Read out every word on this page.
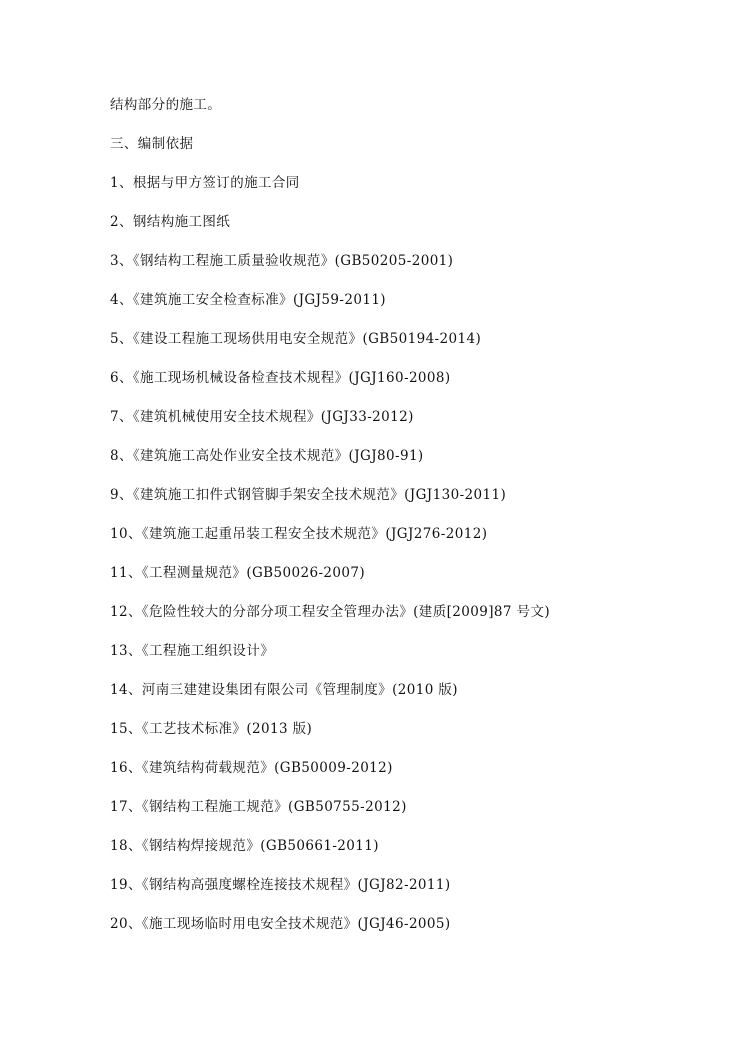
结构部分的施工。
三、编制依据
1、根据与甲方签订的施工合同
2、钢结构施工图纸
3、《钢结构工程施工质量验收规范》(GB50205-2001)
4、《建筑施工安全检查标准》(JGJ59-2011)
5、《建设工程施工现场供用电安全规范》(GB50194-2014)
6、《施工现场机械设备检查技术规程》(JGJ160-2008)
7、《建筑机械使用安全技术规程》(JGJ33-2012)
8、《建筑施工高处作业安全技术规范》(JGJ80-91)
9、《建筑施工扣件式钢管脚手架安全技术规范》(JGJ130-2011)
10、《建筑施工起重吊装工程安全技术规范》(JGJ276-2012)
11、《工程测量规范》(GB50026-2007)
12、《危险性较大的分部分项工程安全管理办法》(建质[2009]87 号文)
13、《工程施工组织设计》
14、河南三建建设集团有限公司《管理制度》(2010 版)
15、《工艺技术标准》(2013 版)
16、《建筑结构荷载规范》(GB50009-2012)
17、《钢结构工程施工规范》(GB50755-2012)
18、《钢结构焊接规范》(GB50661-2011)
19、《钢结构高强度螺栓连接技术规程》(JGJ82-2011)
20、《施工现场临时用电安全技术规范》(JGJ46-2005)
